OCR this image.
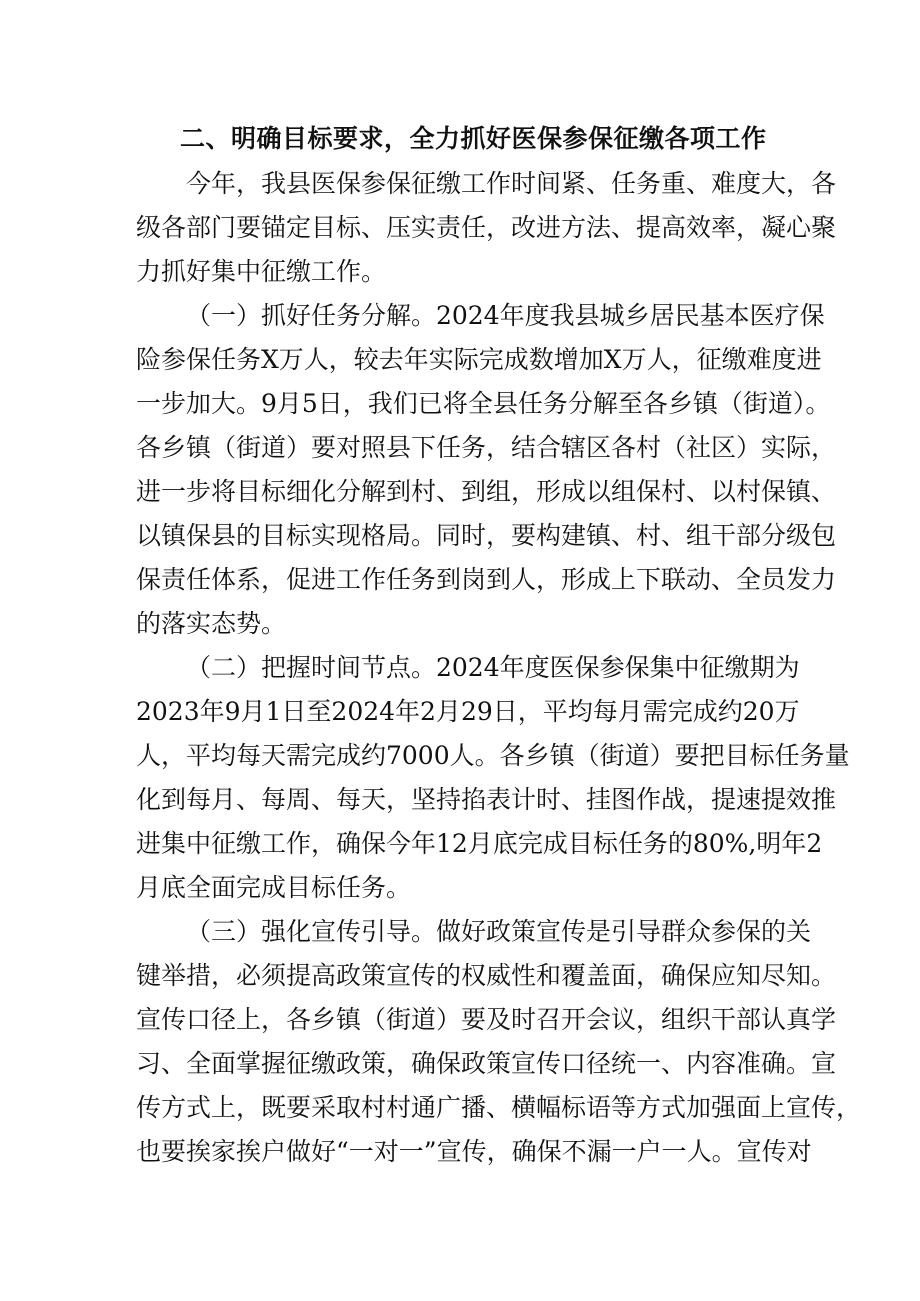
二、明确目标要求，全力抓好医保参保征缴各项工作
今年，我县医保参保征缴工作时间紧、任务重、难度大，各
级各部门要锚定目标、压实责任，改进方法、提高效率，凝心聚
力抓好集中征缴工作。
（一）抓好任务分解。2024年度我县城乡居民基本医疗保
险参保任务X万人，较去年实际完成数增加X万人，征缴难度进
一步加大。9月5日，我们已将全县任务分解至各乡镇（街道）。
各乡镇（街道）要对照县下任务，结合辖区各村（社区）实际，
进一步将目标细化分解到村、到组，形成以组保村、以村保镇、
以镇保县的目标实现格局。同时，要构建镇、村、组干部分级包
保责任体系，促进工作任务到岗到人，形成上下联动、全员发力
的落实态势。
（二）把握时间节点。2024年度医保参保集中征缴期为
2023年9月1日至2024年2月29日，平均每月需完成约20万
人，平均每天需完成约7000人。各乡镇（街道）要把目标任务量
化到每月、每周、每天，坚持掐表计时、挂图作战，提速提效推
进集中征缴工作，确保今年12月底完成目标任务的80%,明年2
月底全面完成目标任务。
（三）强化宣传引导。做好政策宣传是引导群众参保的关
键举措，必须提高政策宣传的权威性和覆盖面，确保应知尽知。
宣传口径上，各乡镇（街道）要及时召开会议，组织干部认真学
习、全面掌握征缴政策，确保政策宣传口径统一、内容准确。宣
传方式上，既要采取村村通广播、横幅标语等方式加强面上宣传，
也要挨家挨户做好“一对一”宣传，确保不漏一户一人。宣传对
